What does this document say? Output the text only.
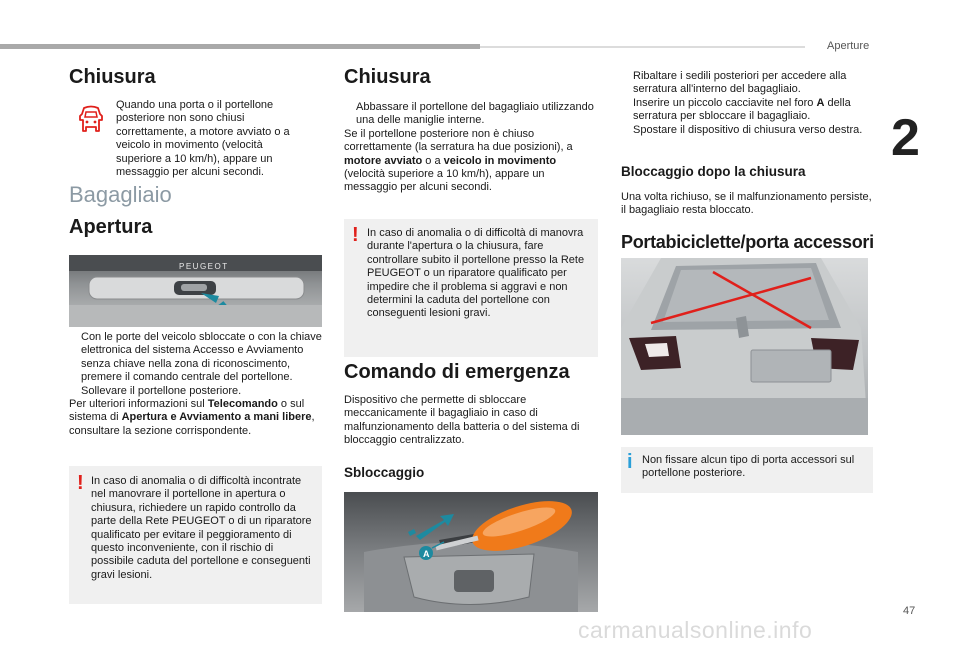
Aperture
2
47
carmanualsonline.info
Chiusura
Quando una porta o il portellone posteriore non sono chiusi correttamente, a motore avviato o a veicolo in movimento (velocità superiore a 10 km/h), appare un messaggio per alcuni secondi.
Bagagliaio
Apertura
PEUGEOT
Con le porte del veicolo sbloccate o con la chiave elettronica del sistema Accesso e Avviamento senza chiave nella zona di riconoscimento, premere il comando centrale del portellone.
Sollevare il portellone posteriore.

Per ulteriori informazioni sul Telecomando o sul sistema di Apertura e Avviamento a mani libere, consultare la sezione corrispondente.

! In caso di anomalia o di difficoltà incontrate nel manovrare il portellone in apertura o chiusura, richiedere un rapido controllo da parte della Rete PEUGEOT o di un riparatore qualificato per evitare il peggioramento di questo inconveniente, con il rischio di possibile caduta del portellone e conseguenti gravi lesioni.
Chiusura
Abbassare il portellone del bagagliaio utilizzando una delle maniglie interne.

Se il portellone posteriore non è chiuso correttamente (la serratura ha due posizioni), a motore avviato o a veicolo in movimento (velocità superiore a 10 km/h), appare un messaggio per alcuni secondi.

! In caso di anomalia o di difficoltà di manovra durante l'apertura o la chiusura, fare controllare subito il portellone presso la Rete PEUGEOT o un riparatore qualificato per impedire che il problema si aggravi e non determini la caduta del portellone con conseguenti lesioni gravi.
Comando di emergenza
Dispositivo che permette di sbloccare meccanicamente il bagagliaio in caso di malfunzionamento della batteria o del sistema di bloccaggio centralizzato.
Sbloccaggio
A
Ribaltare i sedili posteriori per accedere alla serratura all'interno del bagagliaio.
Inserire un piccolo cacciavite nel foro A della serratura per sbloccare il bagagliaio.
Spostare il dispositivo di chiusura verso destra.
Bloccaggio dopo la chiusura
Una volta richiuso, se il malfunzionamento persiste, il bagagliaio resta bloccato.
Portabiciclette/porta accessori
i Non fissare alcun tipo di porta accessori sul portellone posteriore.
